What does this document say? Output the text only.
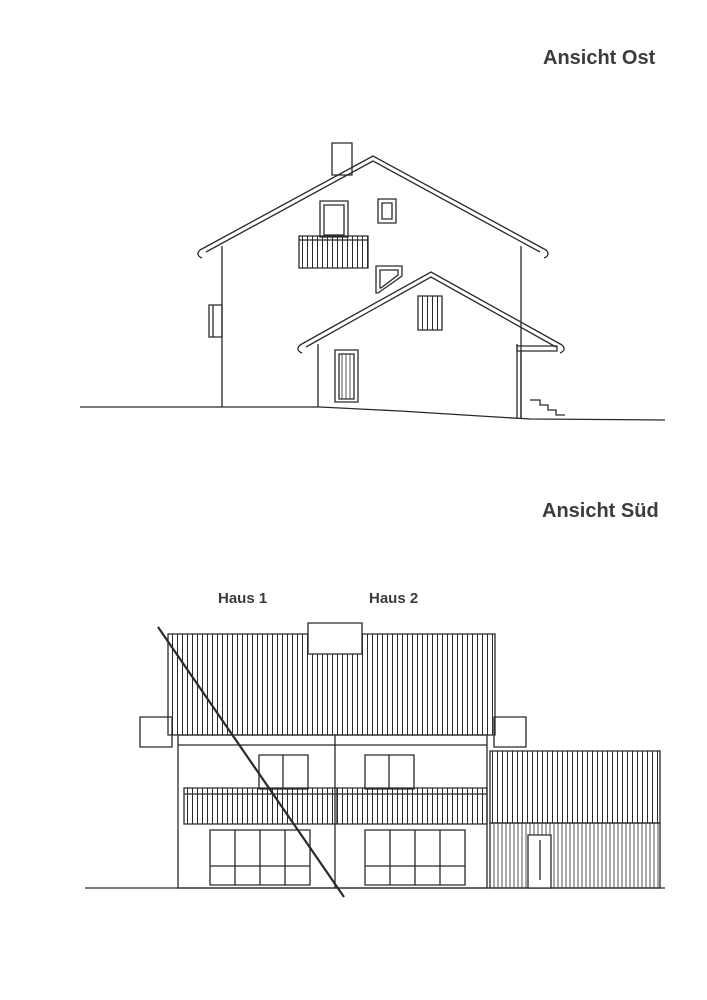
Ansicht Ost
Ansicht Süd
Haus 1	Haus 2
